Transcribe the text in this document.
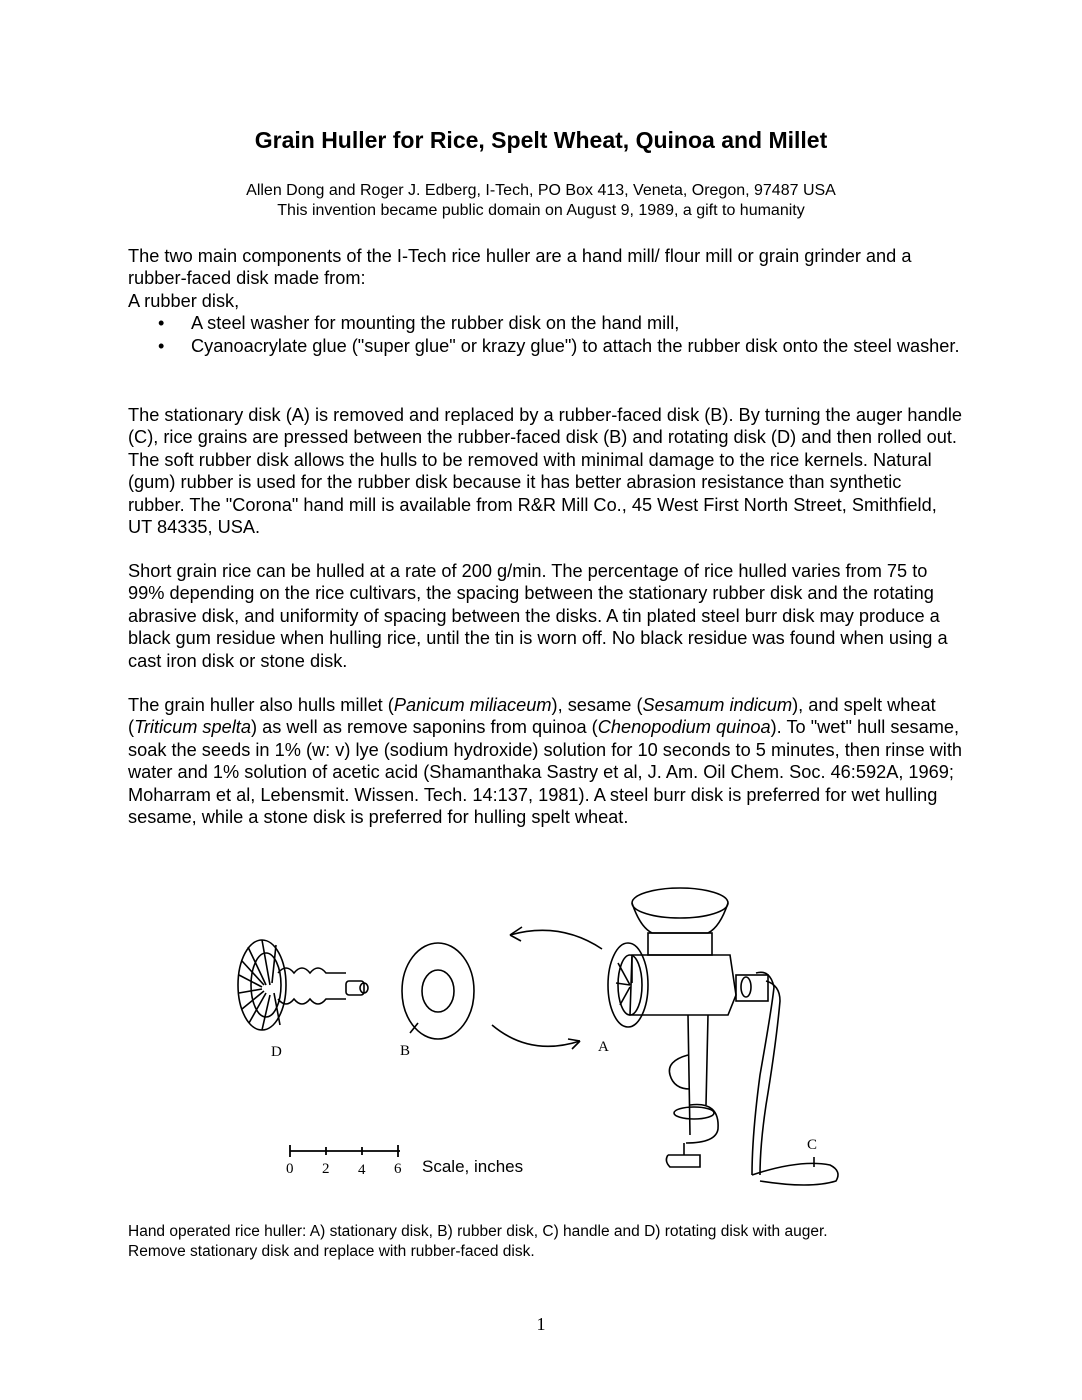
Grain Huller for Rice, Spelt Wheat, Quinoa and Millet
Allen Dong and Roger J. Edberg, I-Tech, PO Box 413, Veneta, Oregon, 97487 USA
This invention became public domain on August 9, 1989, a gift to humanity

The two main components of the I-Tech rice huller are a hand mill/ flour mill or grain grinder and a rubber-faced disk made from:

A rubber disk,

• A steel washer for mounting the rubber disk on the hand mill,
• Cyanoacrylate glue ("super glue" or krazy glue") to attach the rubber disk onto the steel washer.

The stationary disk (A) is removed and replaced by a rubber-faced disk (B). By turning the auger handle (C), rice grains are pressed between the rubber-faced disk (B) and rotating disk (D) and then rolled out. The soft rubber disk allows the hulls to be removed with minimal damage to the rice kernels. Natural (gum) rubber is used for the rubber disk because it has better abrasion resistance than synthetic rubber. The "Corona" hand mill is available from R&R Mill Co., 45 West First North Street, Smithfield, UT 84335, USA.

Short grain rice can be hulled at a rate of 200 g/min. The percentage of rice hulled varies from 75 to 99% depending on the rice cultivars, the spacing between the stationary rubber disk and the rotating abrasive disk, and uniformity of spacing between the disks. A tin plated steel burr disk may produce a black gum residue when hulling rice, until the tin is worn off. No black residue was found when using a cast iron disk or stone disk.

The grain huller also hulls millet (Panicum miliaceum), sesame (Sesamum indicum), and spelt wheat (Triticum spelta) as well as remove saponins from quinoa (Chenopodium quinoa). To "wet" hull sesame, soak the seeds in 1% (w: v) lye (sodium hydroxide) solution for 10 seconds to 5 minutes, then rinse with water and 1% solution of acetic acid (Shamanthaka Sastry et al, J. Am. Oil Chem. Soc. 46:592A, 1969; Moharram et al, Lebensmit. Wissen. Tech. 14:137, 1981). A steel burr disk is preferred for wet hulling sesame, while a stone disk is preferred for hulling spelt wheat.

D	B	A
C
0 2 4 6 Scale, inches
Hand operated rice huller: A) stationary disk, B) rubber disk, C) handle and D) rotating disk with auger.
Remove stationary disk and replace with rubber-faced disk.
1
